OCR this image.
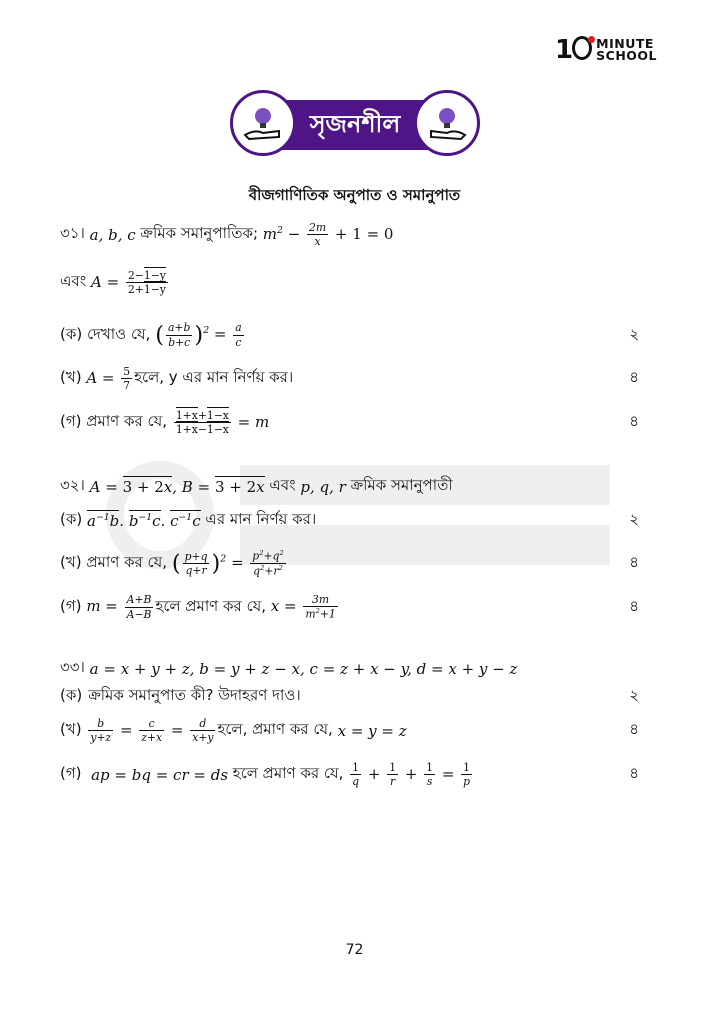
1	MINUTE
SCHOOL
সৃজনশীল
বীজগাণিতিক অনুপাত ও সমানুপাত
৩১। a, b, c ক্রমিক সমানুপাতিক; $m^2 - \frac{2m}{x} + 1 = 0$
এবং $A = \frac{2-1-y}{2+1-y}$
(ক) দেখাও যে, ( $\frac{a+b}{b+c} )^2 = \frac{a}{c}$	২
(খ) $A = \frac{5}{7}$ হলে, y এর মান নির্ণয় কর।	৪
(গ) প্রমাণ কর যে,
$\frac{1+x+1-x}{1+x-1-x} = m$	৪
৩২। A = 3 + 2x, B = 3 + 2x এবং p, q, r ক্রমিক সমানুপাতী
(ক) $a^{-1}b$. $b^{-1}c$. $c^{-1}c$ এর মান নির্ণয় কর।	২
(খ) প্রমাণ কর যে, ( $\frac{p+q}{q+r} )^2 = \frac{p^2+q^2}{q^2+r^2}$	৪
(গ) $m = \frac{A+B}{A-B}$ হলে প্রমাণ কর যে, $x = \frac{3m}{m^2+1}$	৪
৩৩। a = x + y + z, b = y + z − x, c = z + x − y, d = x + y − z
(ক) ক্রমিক সমানুপাত কী? উদাহরণ দাও।	২
(খ)
$\frac{b}{y+z} = \frac{c}{z+x} = \frac{d}{x+y}$ হলে, প্রমাণ কর যে, x = y = z	৪
(গ) ap = bq = cr = ds হলে প্রমাণ কর যে,
$\frac{1}{q} + \frac{1}{r} + \frac{1}{s} = \frac{1}{p}$	৪
72
